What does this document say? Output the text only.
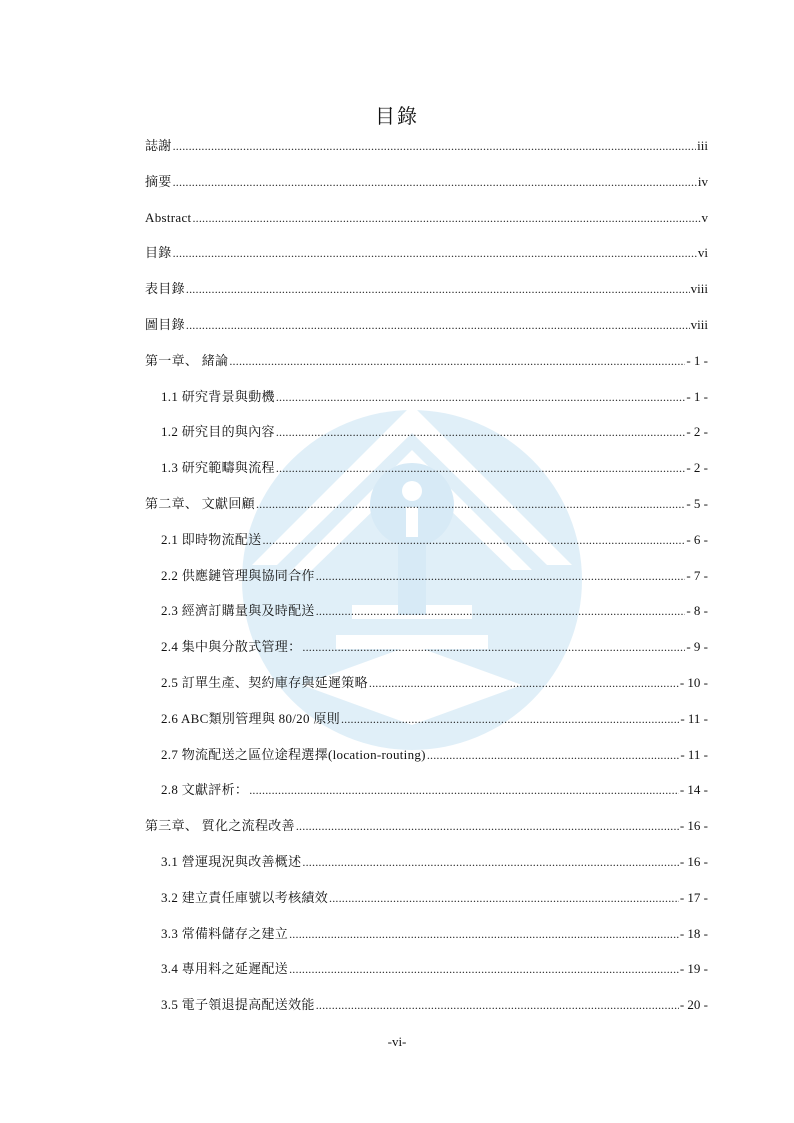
目錄
誌謝 .....	iii
摘要 .....	iv
Abstract .....	v
目錄 .....	vi
表目錄 .....	viii
圖目錄 .....	viii
第一章、 緒論 .....	- 1 -
1.1 研究背景與動機 .....	- 1 -
1.2 研究目的與內容 .....	- 2 -
1.3 研究範疇與流程 .....	- 2 -
第二章、 文獻回顧 .....	- 5 -
2.1 即時物流配送 .....	- 6 -
2.2 供應鏈管理與協同合作 .....	- 7 -
2.3 經濟訂購量與及時配送 .....	- 8 -
2.4 集中與分散式管理： .....	- 9 -
2.5 訂單生產、契約庫存與延遲策略 .....	- 10 -
2.6 ABC類別管理與 80/20 原則 .....	- 11 -
2.7 物流配送之區位途程選擇(location-routing) .....	- 11 -
2.8 文獻評析： .....	- 14 -
第三章、 質化之流程改善 .....	- 16 -
3.1 營運現況與改善概述 .....	- 16 -
3.2 建立責任庫號以考核績效 .....	- 17 -
3.3 常備料儲存之建立 .....	- 18 -
3.4 專用料之延遲配送 .....	- 19 -
3.5 電子領退提高配送效能 .....	- 20 -
-vi-
